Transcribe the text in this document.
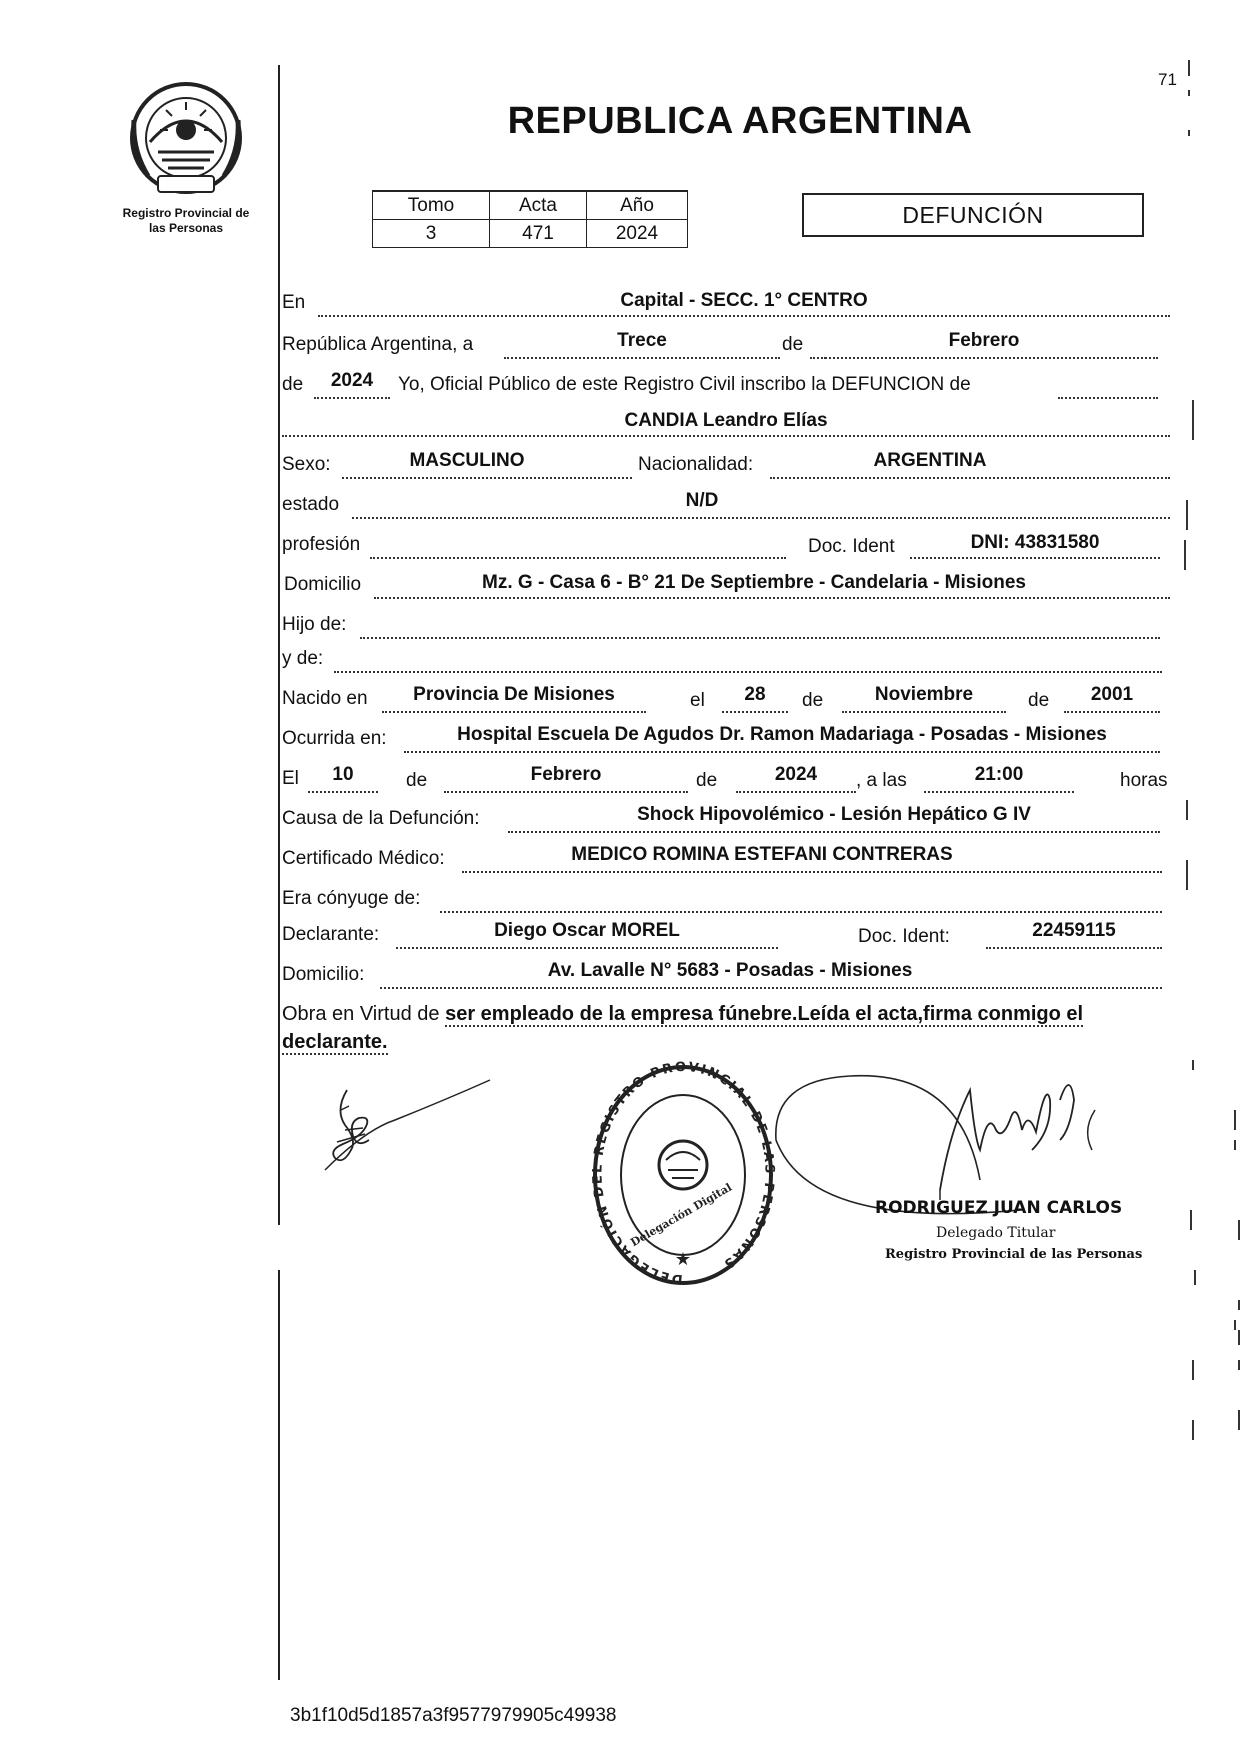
71
Registro Provincial de
las Personas
REPUBLICA ARGENTINA
Tomo	Acta	Año
3	471	2024
DEFUNCIÓN
En	Capital - SECC. 1° CENTRO
República Argentina, a	Trece	de	Febrero
de	2024	Yo, Oficial Público de este Registro Civil inscribo la DEFUNCION de
CANDIA Leandro Elías
Sexo:	MASCULINO	Nacionalidad:	ARGENTINA
estado	N/D
profesión	Doc. Ident	DNI: 43831580
Domicilio	Mz. G - Casa 6 - B° 21 De Septiembre - Candelaria - Misiones
Hijo de:
y de:
Nacido en	Provincia De Misiones	el	28	de	Noviembre	de	2001
Ocurrida en:	Hospital Escuela De Agudos Dr. Ramon Madariaga - Posadas - Misiones
El	10	de	Febrero	de	2024	, a las	21:00	horas
Causa de la Defunción:	Shock Hipovolémico - Lesión Hepático G IV
Certificado Médico:	MEDICO ROMINA ESTEFANI CONTRERAS
Era cónyuge de:
Declarante:	Diego Oscar MOREL	Doc. Ident:	22459115
Domicilio:	Av. Lavalle N° 5683 - Posadas - Misiones
Obra en Virtud de ser empleado de la empresa fúnebre.Leída el acta,firma conmigo el declarante.
DELEGACIÓN DEL REGISTRO PROVINCIAL DE LAS PERSONAS
Delegación Digital
★
RODRIGUEZ JUAN CARLOS
Delegado Titular
Registro Provincial de las Personas
3b1f10d5d1857a3f9577979905c49938
